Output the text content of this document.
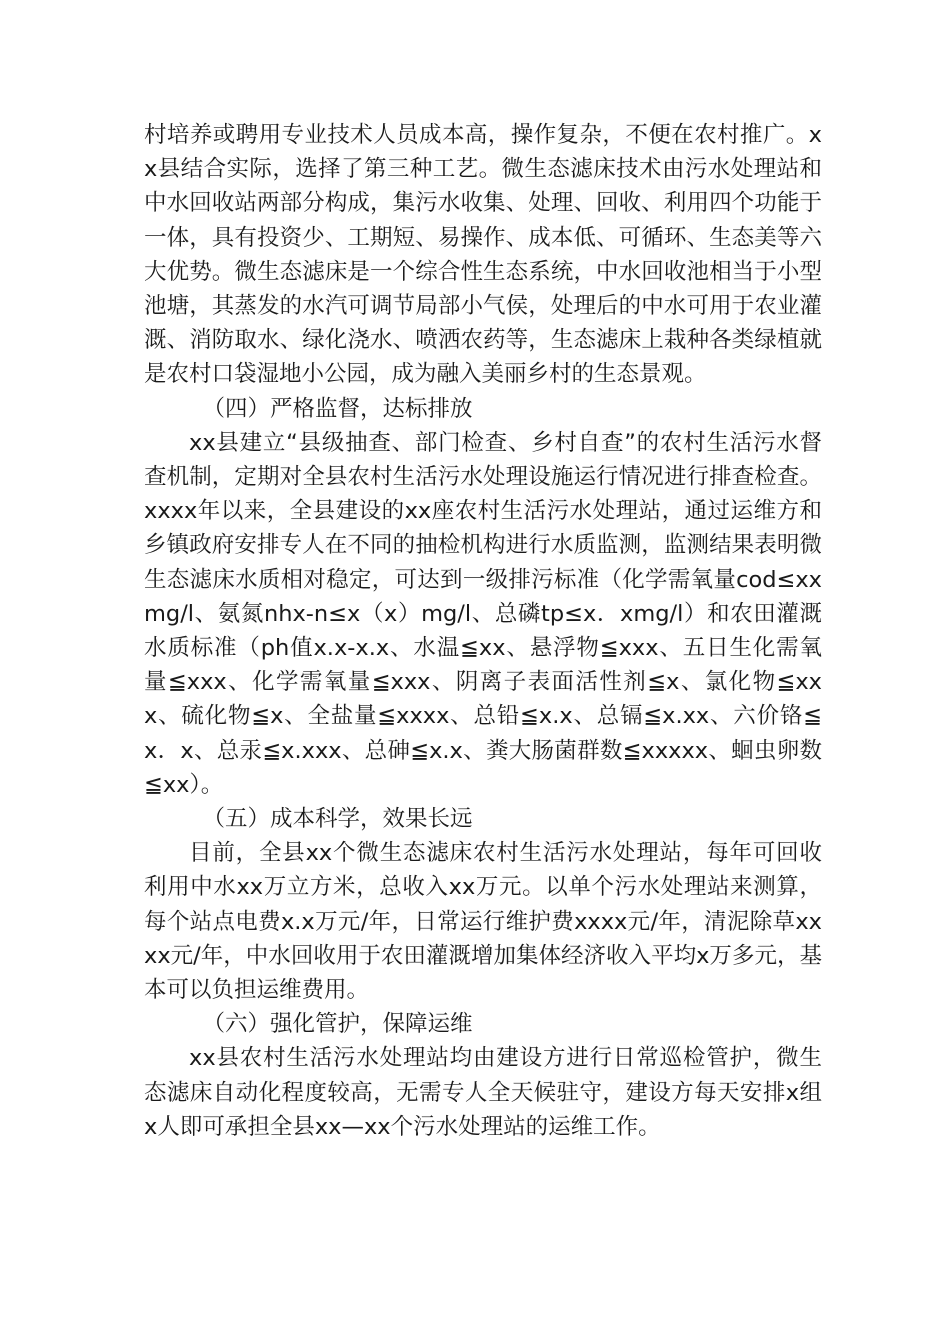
村培养或聘用专业技术人员成本高，操作复杂，不便在农村推广。xx县结合实际，选择了第三种工艺。微生态滤床技术由污水处理站和中水回收站两部分构成，集污水收集、处理、回收、利用四个功能于一体，具有投资少、工期短、易操作、成本低、可循环、生态美等六大优势。微生态滤床是一个综合性生态系统，中水回收池相当于小型池塘，其蒸发的水汽可调节局部小气侯，处理后的中水可用于农业灌溉、消防取水、绿化浇水、喷洒农药等，生态滤床上栽种各类绿植就是农村口袋湿地小公园，成为融入美丽乡村的生态景观。

（四）严格监督，达标排放

xx县建立“县级抽查、部门检查、乡村自查”的农村生活污水督查机制，定期对全县农村生活污水处理设施运行情况进行排查检查。xxxx年以来，全县建设的xx座农村生活污水处理站，通过运维方和乡镇政府安排专人在不同的抽检机构进行水质监测，监测结果表明微生态滤床水质相对稳定，可达到一级排污标准（化学需氧量cod≤xxmg/l、氨氮nhx-n≤x（x）mg/l、总磷tp≤x．xmg/l）和农田灌溉水质标准（ph值x.x-x.x、水温≦xx、悬浮物≦xxx、五日生化需氧量≦xxx、化学需氧量≦xxx、阴离子表面活性剂≦x、氯化物≦xxx、硫化物≦x、全盐量≦xxxx、总铅≦x.x、总镉≦x.xx、六价铬≦x．x、总汞≦x.xxx、总砷≦x.x、粪大肠菌群数≦xxxxx、蛔虫卵数≦xx）。

（五）成本科学，效果长远

目前，全县xx个微生态滤床农村生活污水处理站，每年可回收利用中水xx万立方米，总收入xx万元。以单个污水处理站来测算，每个站点电费x.x万元/年，日常运行维护费xxxx元/年，清泥除草xxxx元/年，中水回收用于农田灌溉增加集体经济收入平均x万多元，基本可以负担运维费用。

（六）强化管护，保障运维

xx县农村生活污水处理站均由建设方进行日常巡检管护，微生态滤床自动化程度较高，无需专人全天候驻守，建设方每天安排x组x人即可承担全县xx—xx个污水处理站的运维工作。
